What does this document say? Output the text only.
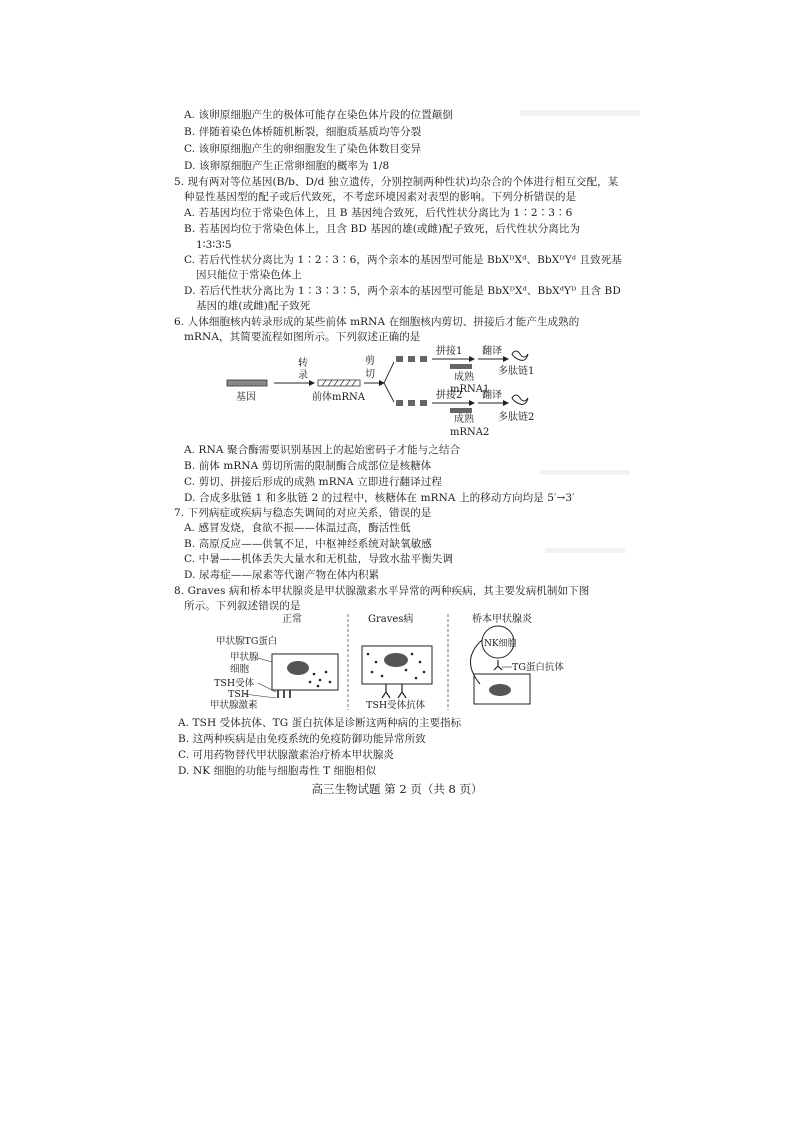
A. 该卵原细胞产生的极体可能存在染色体片段的位置颠倒
B. 伴随着染色体桥随机断裂，细胞质基质均等分裂
C. 该卵原细胞产生的卵细胞发生了染色体数目变异
D. 该卵原细胞产生正常卵细胞的概率为 1/8
5. 现有两对等位基因(B/b、D/d 独立遗传，分别控制两种性状)均杂合的个体进行相互交配，某
种显性基因型的配子或后代致死，不考虑环境因素对表型的影响。下列分析错误的是
A. 若基因均位于常染色体上，且 B 基因纯合致死，后代性状分离比为 1∶2∶3∶6
B. 若基因均位于常染色体上，且含 BD 基因的雄(或雌)配子致死，后代性状分离比为
1∶3∶3∶5
C. 若后代性状分离比为 1∶2∶3∶6，两个亲本的基因型可能是 BbXᴰXᵈ、BbXᴰYᵈ 且致死基
因只能位于常染色体上
D. 若后代性状分离比为 1∶3∶3∶5，两个亲本的基因型可能是 BbXᴰXᵈ、BbXᵈYᴰ 且含 BD
基因的雄(或雌)配子致死
6. 人体细胞核内转录形成的某些前体 mRNA 在细胞核内剪切、拼接后才能产生成熟的
mRNA，其简要流程如图所示。下列叙述正确的是
基因
转
录
前体mRNA
剪
切
拼接1
拼接2
成熟
mRNA1
成熟
mRNA2
翻译
翻译
多肽链1
多肽链2
A. RNA 聚合酶需要识别基因上的起始密码子才能与之结合
B. 前体 mRNA 剪切所需的限制酶合成部位是核糖体
C. 剪切、拼接后形成的成熟 mRNA 立即进行翻译过程
D. 合成多肽链 1 和多肽链 2 的过程中，核糖体在 mRNA 上的移动方向均是 5′→3′
7. 下列病症或疾病与稳态失调间的对应关系，错误的是
A. 感冒发烧，食欲不振——体温过高，酶活性低
B. 高原反应——供氧不足，中枢神经系统对缺氧敏感
C. 中暑——机体丢失大量水和无机盐，导致水盐平衡失调
D. 尿毒症——尿素等代谢产物在体内积累
8. Graves 病和桥本甲状腺炎是甲状腺激素水平异常的两种疾病，其主要发病机制如下图
所示。下列叙述错误的是
正常	Graves病	桥本甲状腺炎
甲状腺TG蛋白
甲状腺
细胞
TSH受体
TSH
甲状腺激素	TSH受体抗体
NK细胞
TG蛋白抗体
A. TSH 受体抗体、TG 蛋白抗体是诊断这两种病的主要指标
B. 这两种疾病是由免疫系统的免疫防御功能异常所致
C. 可用药物替代甲状腺激素治疗桥本甲状腺炎
D. NK 细胞的功能与细胞毒性 T 细胞相似
高三生物试题 第 2 页（共 8 页）
